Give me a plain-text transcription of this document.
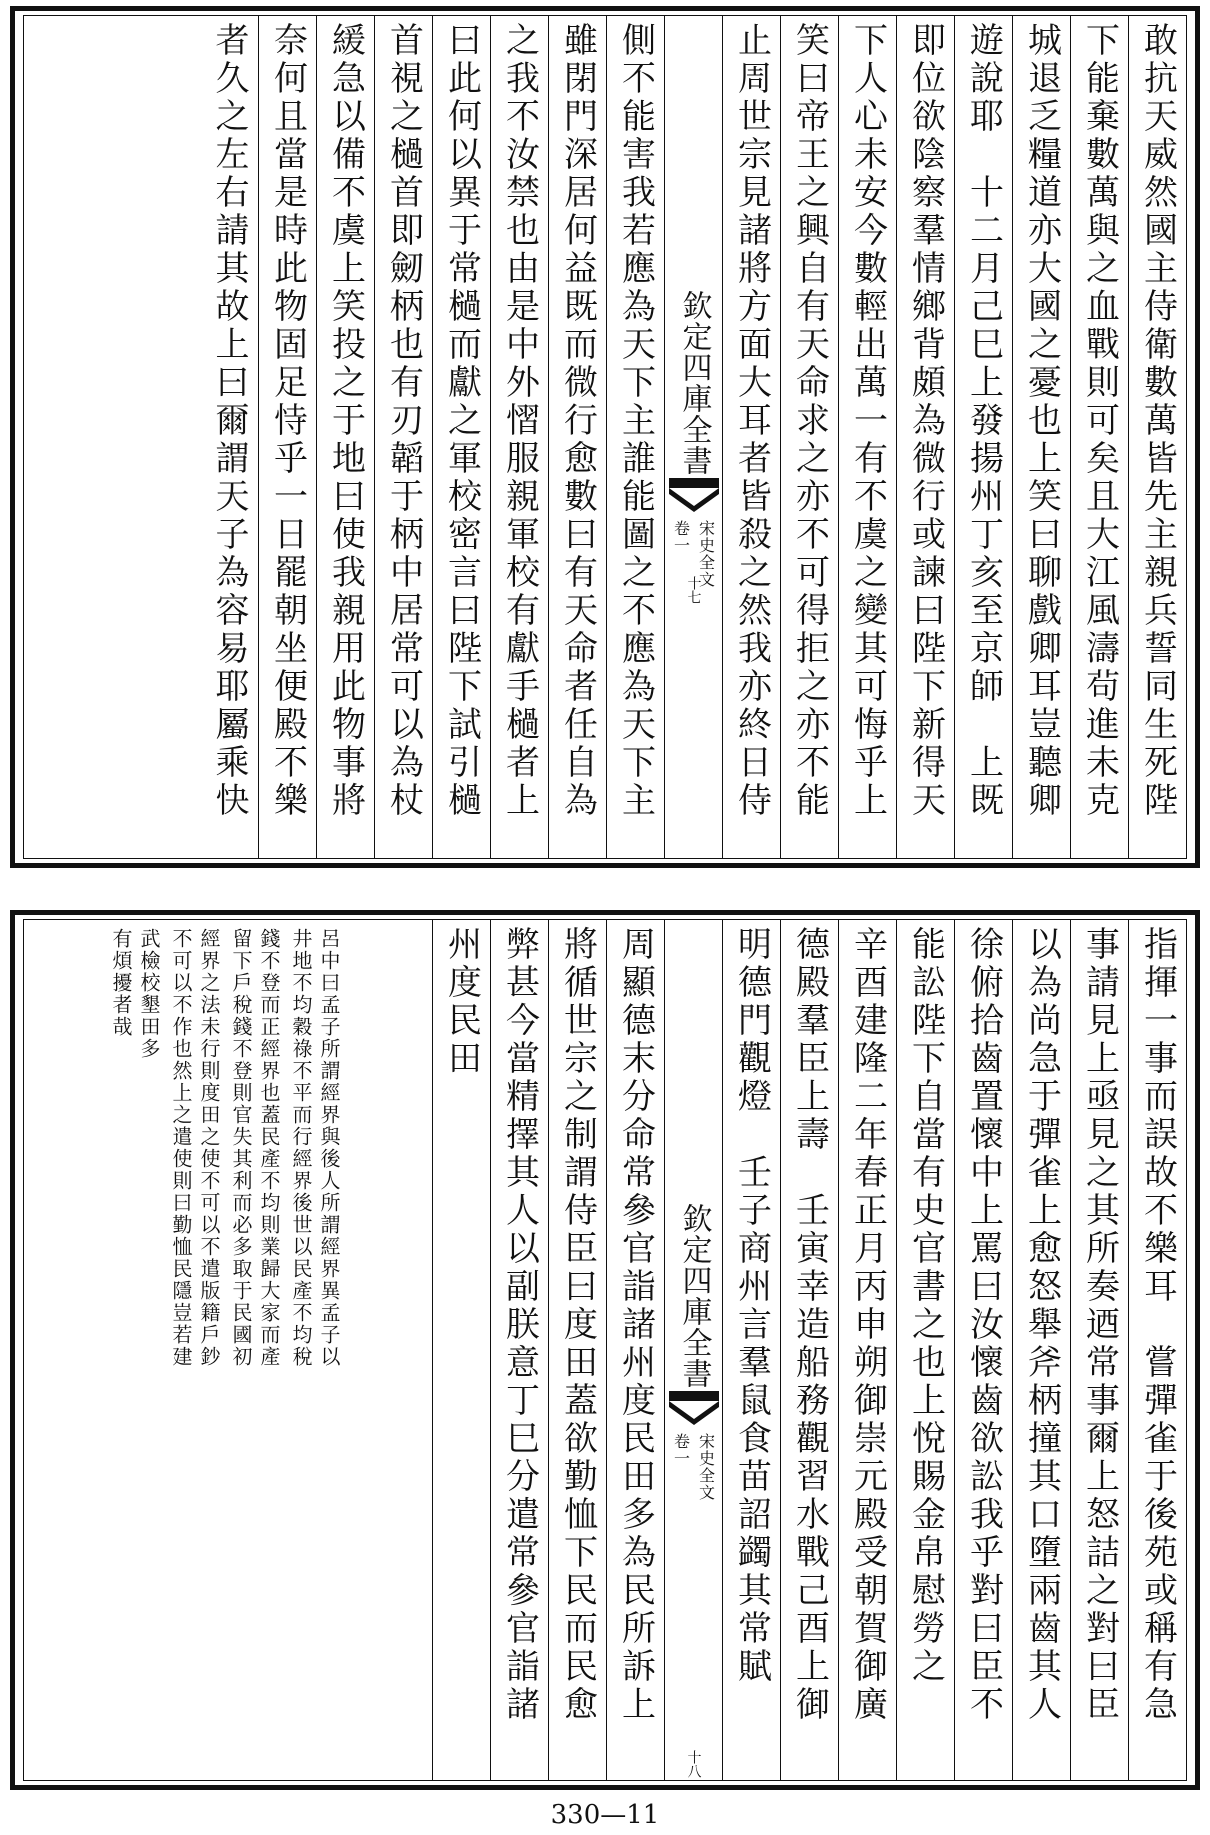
敢抗天威然國主侍衛數萬皆先主親兵誓同生死陛
下能棄數萬與之血戰則可矣且大江風濤茍進未克
城退乏糧道亦大國之憂也上笑曰聊戲卿耳豈聽卿
遊說耶　十二月己巳上發揚州丁亥至京師　上既
即位欲陰察羣情鄉背頗為微行或諫曰陛下新得天
下人心未安今數輕出萬一有不虞之變其可悔乎上
笑曰帝王之興自有天命求之亦不可得拒之亦不能
止周世宗見諸將方面大耳者皆殺之然我亦終日侍
欽定四庫全書
宋史全文
卷一
十七
側不能害我若應為天下主誰能圖之不應為天下主
雖閉門深居何益既而微行愈數曰有天命者任自為
之我不汝禁也由是中外慴服親軍校有獻手檛者上
曰此何以異于常檛而獻之軍校密言曰陛下試引檛
首視之檛首即劒柄也有刃韜于柄中居常可以為杖
緩急以備不虞上笑投之于地曰使我親用此物事將
奈何且當是時此物固足恃乎一日罷朝坐便殿不樂
者久之左右請其故上曰爾謂天子為容易耶屬乘快
指揮一事而誤故不樂耳　嘗彈雀于後苑或稱有急
事請見上亟見之其所奏迺常事爾上怒詰之對曰臣
以為尚急于彈雀上愈怒舉斧柄撞其口墮兩齒其人
徐俯拾齒置懷中上罵曰汝懷齒欲訟我乎對曰臣不
能訟陛下自當有史官書之也上悅賜金帛慰勞之
辛酉建隆二年春正月丙申朔御崇元殿受朝賀御廣
德殿羣臣上壽　壬寅幸造船務觀習水戰己酉上御
明德門觀燈　壬子商州言羣鼠食苗詔蠲其常賦
欽定四庫全書
宋史全文
卷一
十八
周顯德末分命常參官詣諸州度民田多為民所訴上
將循世宗之制謂侍臣曰度田蓋欲勤恤下民而民愈
弊甚今當精擇其人以副朕意丁巳分遣常參官詣諸
州度民田
呂中曰孟子所謂經界與後人所謂經界異孟子以
井地不均穀祿不平而行經界後世以民產不均稅
錢不登而正經界也蓋民產不均則業歸大家而產
留下戶稅錢不登則官失其利而必多取于民國初
經界之法未行則度田之使不可以不遣版籍戶鈔
不可以不作也然上之遣使則曰勤恤民隱豈若建
武檢校墾田多
有煩擾者哉
330—11
